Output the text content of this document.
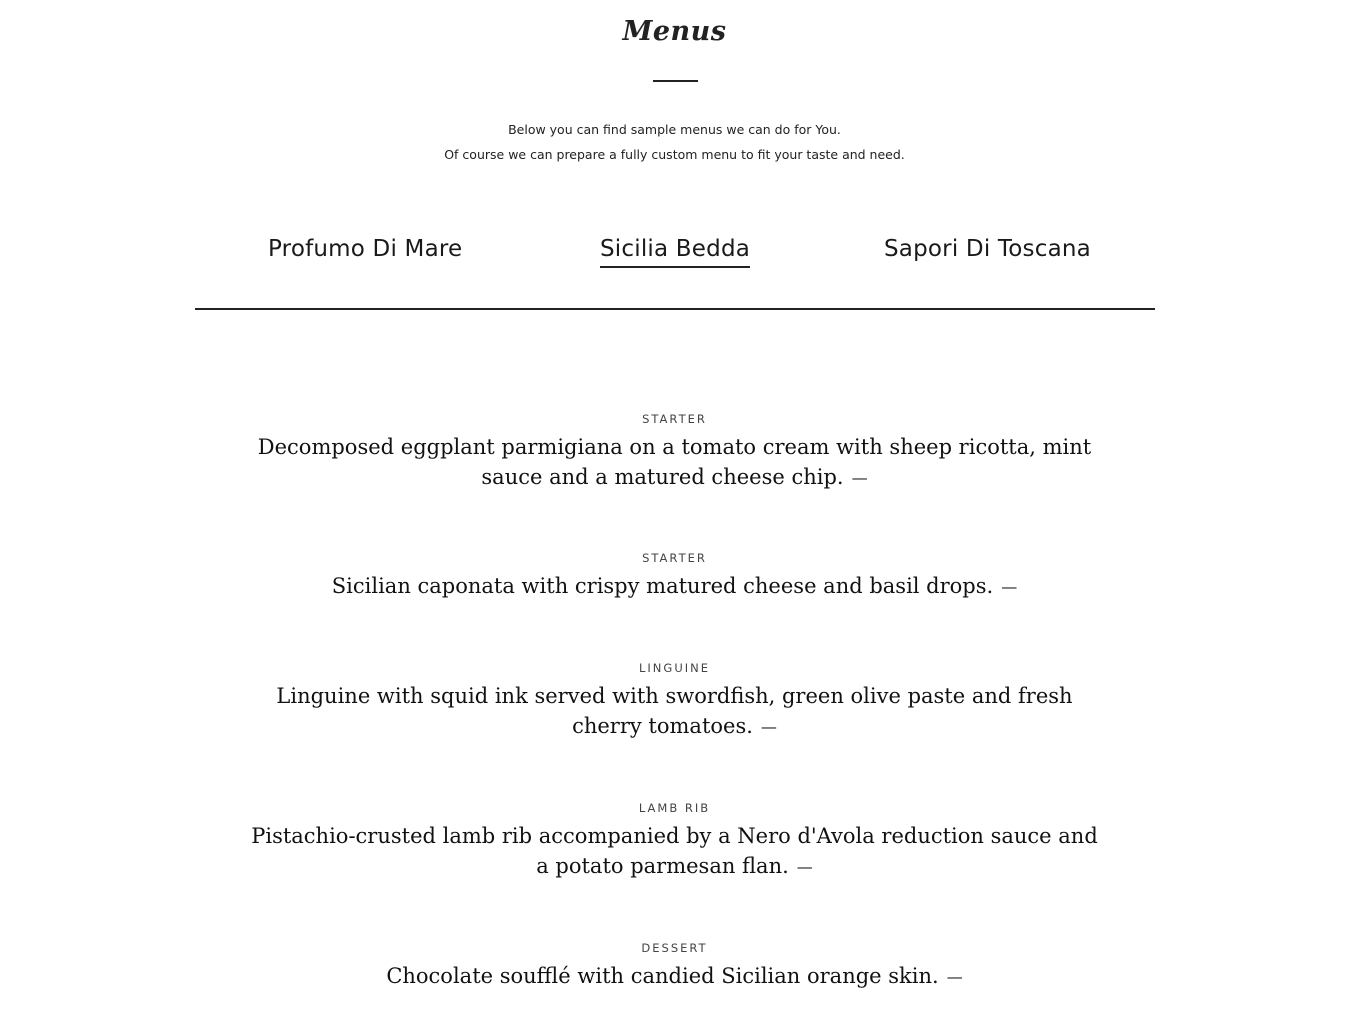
Menus
Below you can find sample menus we can do for You.
Of course we can prepare a fully custom menu to fit your taste and need.
Profumo Di Mare	Sicilia Bedda	Sapori Di Toscana
STARTER
Decomposed eggplant parmigiana on a tomato cream with sheep ricotta, mint sauce and a matured cheese chip. —
STARTER
Sicilian caponata with crispy matured cheese and basil drops. —
LINGUINE
Linguine with squid ink served with swordfish, green olive paste and fresh cherry tomatoes. —
LAMB RIB
Pistachio-crusted lamb rib accompanied by a Nero d'Avola reduction sauce and a potato parmesan flan. —
DESSERT
Chocolate soufflé with candied Sicilian orange skin. —
